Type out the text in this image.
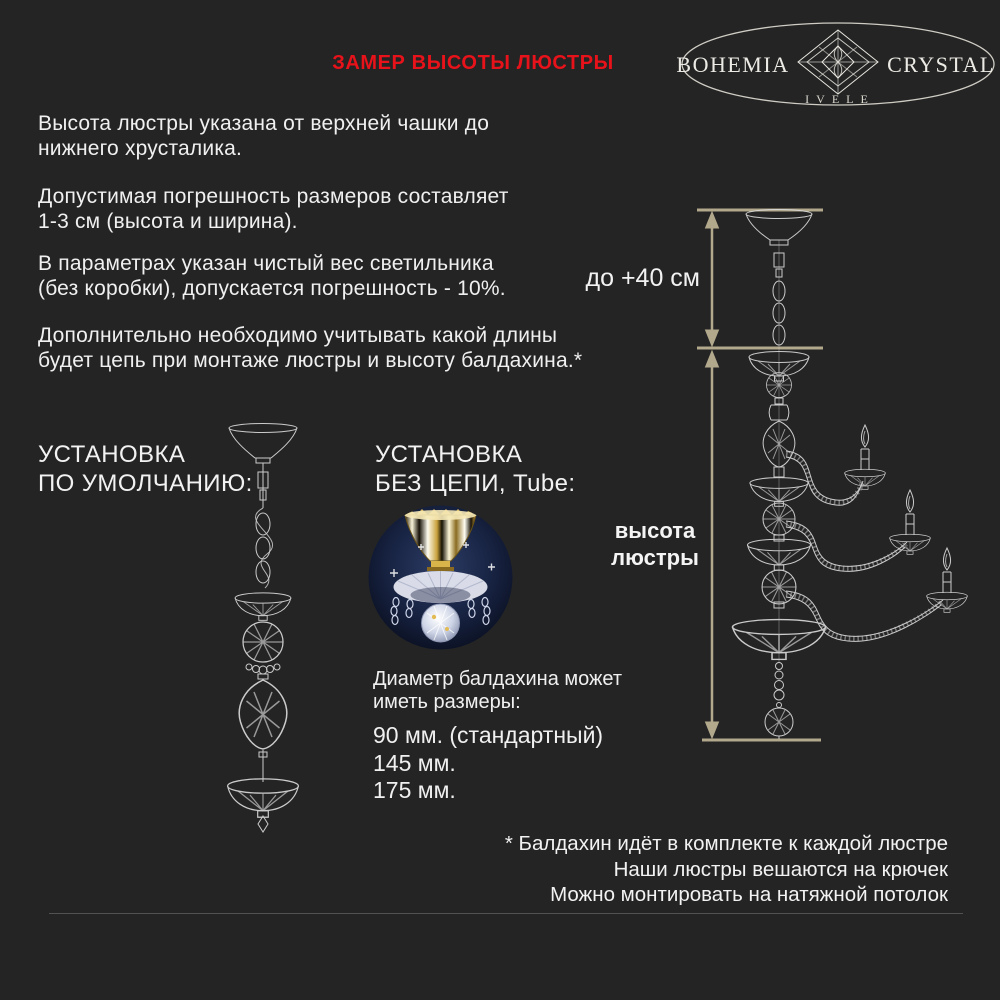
ЗАМЕР ВЫСОТЫ ЛЮСТРЫ	BOHEMIA	CRYSTAL
IVELE
Высота люстры указана от верхней чашки до
нижнего хрусталика.
Допустимая погрешность размеров составляет
1-3 см (высота и ширина).
В параметрах указан чистый вес светильника
(без коробки), допускается погрешность - 10%.
Дополнительно необходимо учитывать какой длины
будет цепь при монтаже люстры и высоту балдахина.*
до +40 см
высота
люстры
УСТАНОВКА
ПО УМОЛЧАНИЮ:
УСТАНОВКА
БЕЗ ЦЕПИ, Tube:
Диаметр балдахина может
иметь размеры:
90 мм. (стандартный)
145 мм.
175 мм.
* Балдахин идёт в комплекте к каждой люстре
Наши люстры вешаются на крючек
Можно монтировать на натяжной потолок
